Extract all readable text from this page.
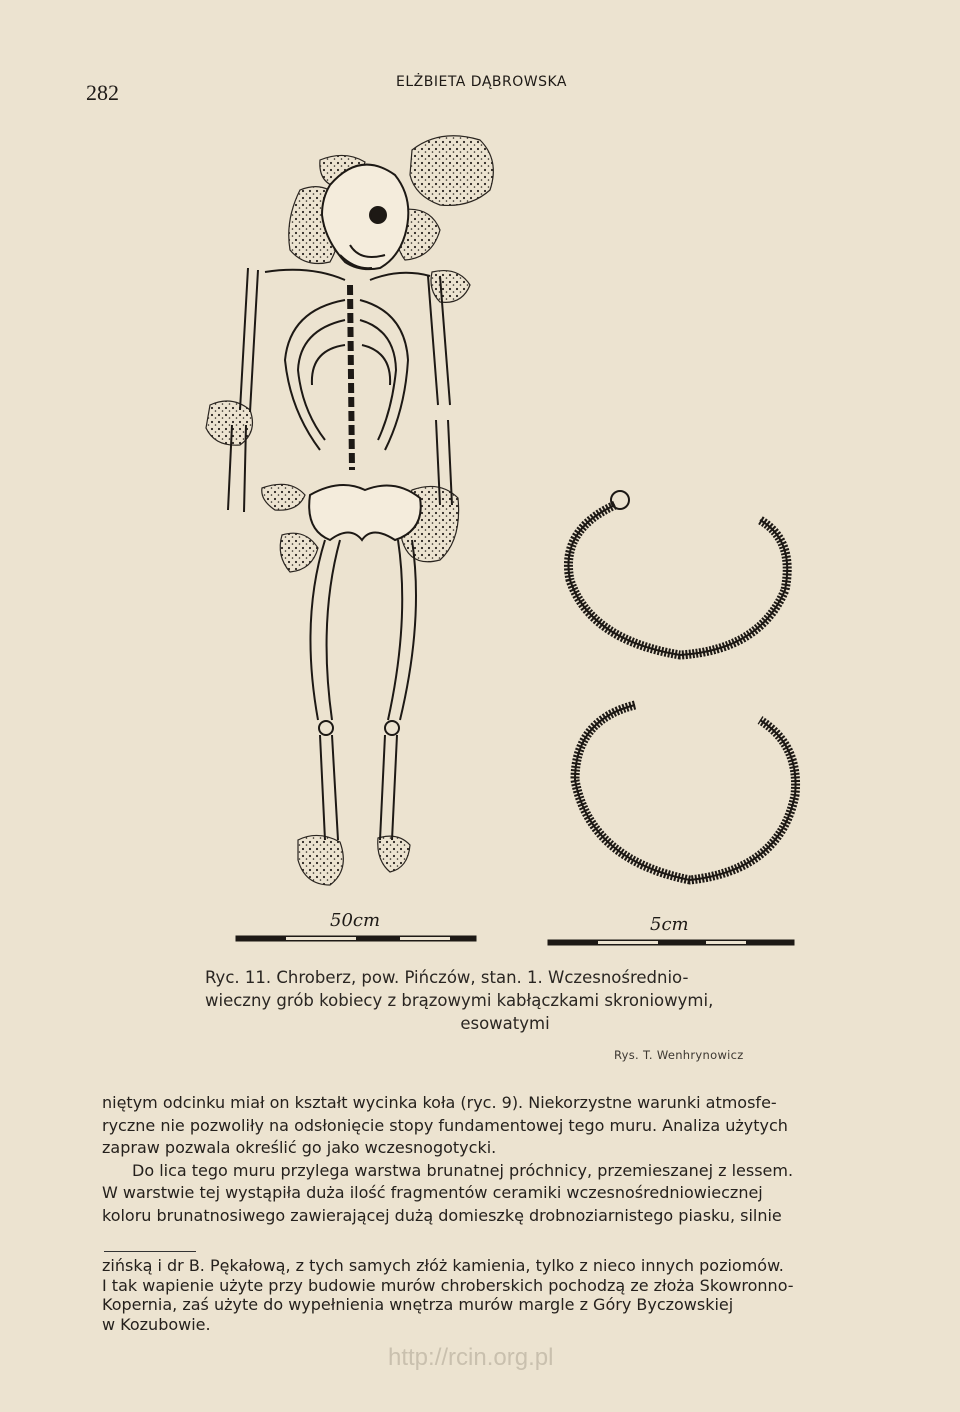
282	ELŻBIETA DĄBROWSKA
50cm	5cm
Ryc. 11. Chroberz, pow. Pińczów, stan. 1. Wczesnośrednio-
wieczny grób kobiecy z brązowymi kabłączkami skroniowymi,
esowatymi
Rys. T. Wenhrynowicz
niętym odcinku miał on kształt wycinka koła (ryc. 9). Niekorzystne warunki atmosfe-
ryczne nie pozwoliły na odsłonięcie stopy fundamentowej tego muru. Analiza użytych
zapraw pozwala określić go jako wczesnogotycki.
Do lica tego muru przylega warstwa brunatnej próchnicy, przemieszanej z lessem.
W warstwie tej wystąpiła duża ilość fragmentów ceramiki wczesnośredniowiecznej
koloru brunatnosiwego zawierającej dużą domieszkę drobnoziarnistego piasku, silnie
zińską i dr B. Pękałową, z tych samych złóż kamienia, tylko z nieco innych poziomów.
I tak wapienie użyte przy budowie murów chroberskich pochodzą ze złoża Skowronno-
Kopernia, zaś użyte do wypełnienia wnętrza murów margle z Góry Byczowskiej
w Kozubowie.
http://rcin.org.pl
